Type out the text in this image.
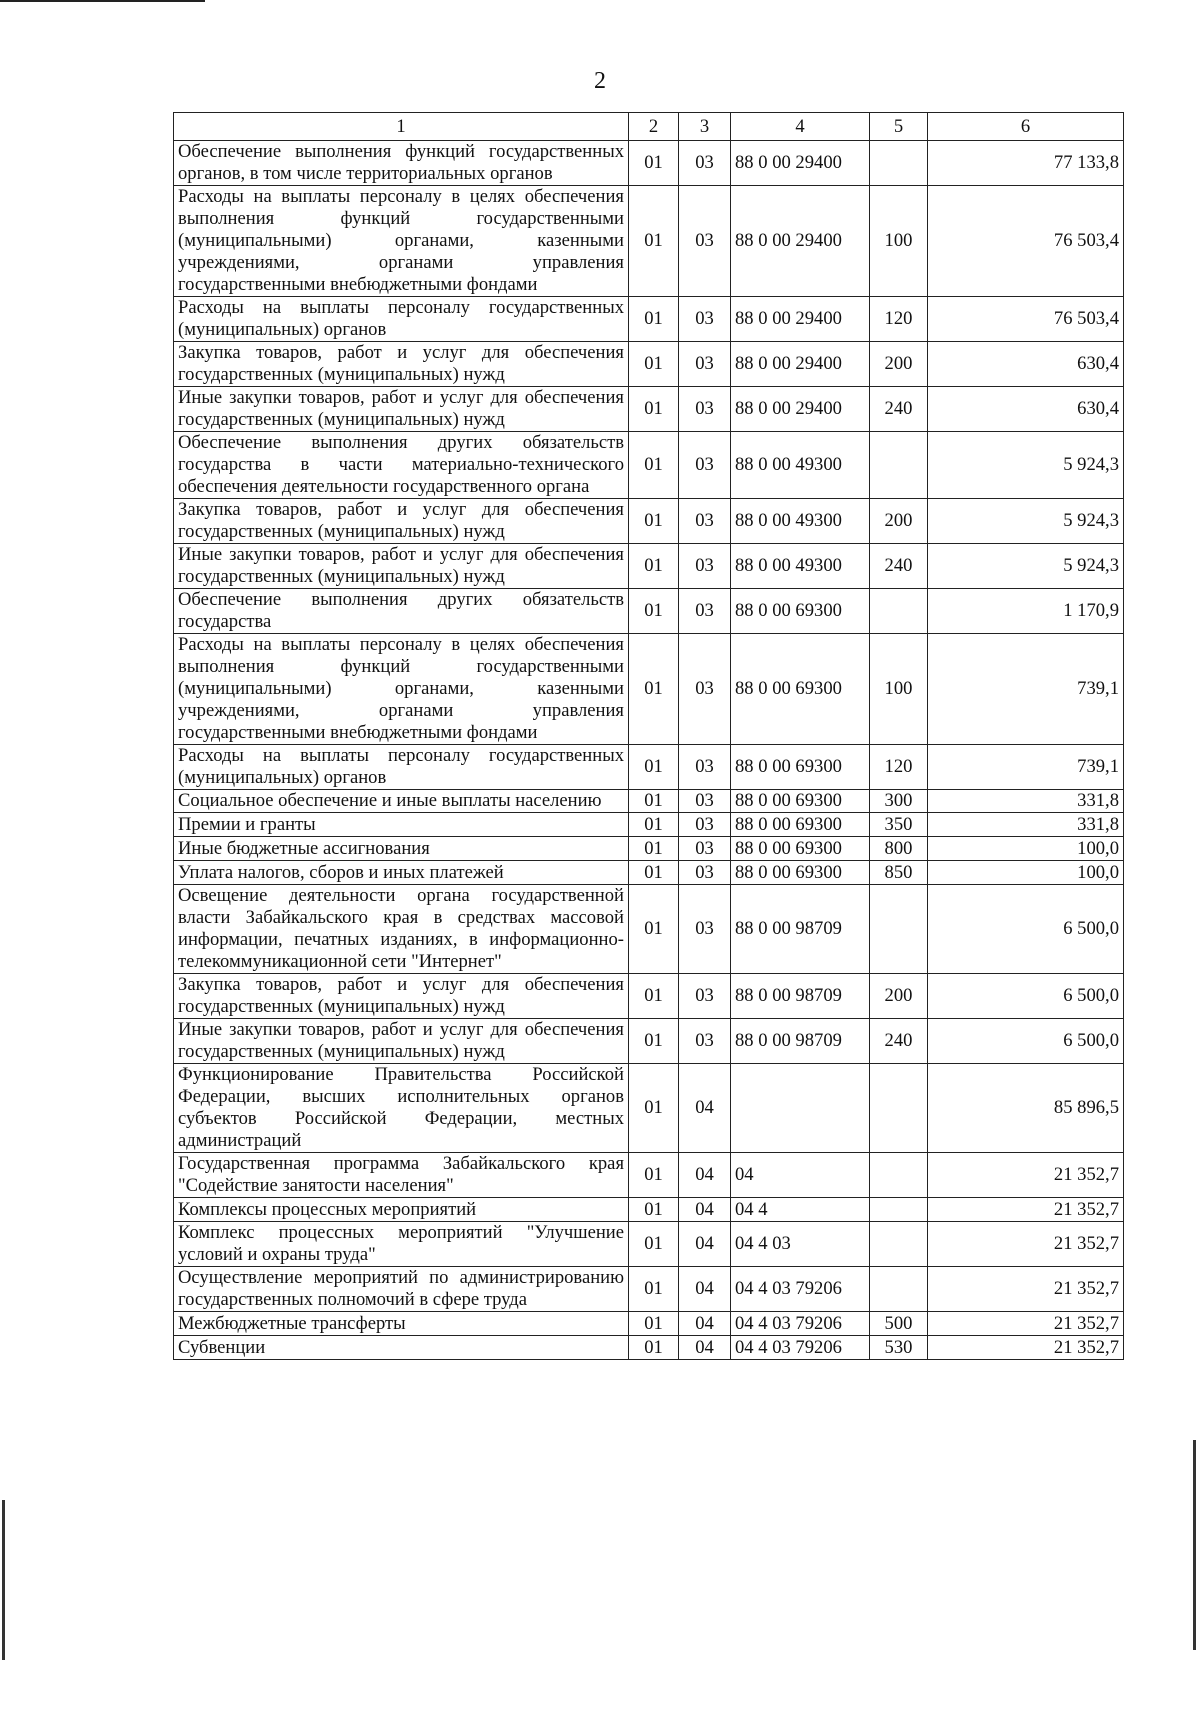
2
1	2	3	4	5	6
Обеспечение выполнения функций государственных органов, в том числе территориальных органов	01	03	88 0 00 29400		77 133,8
Расходы на выплаты персоналу в целях обеспечения выполнения функций государственными (муниципальными) органами, казенными учреждениями, органами управления государственными внебюджетными фондами	01	03	88 0 00 29400	100	76 503,4
Расходы на выплаты персоналу государственных (муниципальных) органов	01	03	88 0 00 29400	120	76 503,4
Закупка товаров, работ и услуг для обеспечения государственных (муниципальных) нужд	01	03	88 0 00 29400	200	630,4
Иные закупки товаров, работ и услуг для обеспечения государственных (муниципальных) нужд	01	03	88 0 00 29400	240	630,4
Обеспечение выполнения других обязательств государства в части материально-технического обеспечения деятельности государственного органа	01	03	88 0 00 49300		5 924,3
Закупка товаров, работ и услуг для обеспечения государственных (муниципальных) нужд	01	03	88 0 00 49300	200	5 924,3
Иные закупки товаров, работ и услуг для обеспечения государственных (муниципальных) нужд	01	03	88 0 00 49300	240	5 924,3
Обеспечение выполнения других обязательств государства	01	03	88 0 00 69300		1 170,9
Расходы на выплаты персоналу в целях обеспечения выполнения функций государственными (муниципальными) органами, казенными учреждениями, органами управления государственными внебюджетными фондами	01	03	88 0 00 69300	100	739,1
Расходы на выплаты персоналу государственных (муниципальных) органов	01	03	88 0 00 69300	120	739,1
Социальное обеспечение и иные выплаты населению	01	03	88 0 00 69300	300	331,8
Премии и гранты	01	03	88 0 00 69300	350	331,8
Иные бюджетные ассигнования	01	03	88 0 00 69300	800	100,0
Уплата налогов, сборов и иных платежей	01	03	88 0 00 69300	850	100,0
Освещение деятельности органа государственной власти Забайкальского края в средствах массовой информации, печатных изданиях, в информационно-телекоммуникационной сети "Интернет"	01	03	88 0 00 98709		6 500,0
Закупка товаров, работ и услуг для обеспечения государственных (муниципальных) нужд	01	03	88 0 00 98709	200	6 500,0
Иные закупки товаров, работ и услуг для обеспечения государственных (муниципальных) нужд	01	03	88 0 00 98709	240	6 500,0
Функционирование Правительства Российской Федерации, высших исполнительных органов субъектов Российской Федерации, местных администраций	01	04			85 896,5
Государственная программа Забайкальского края "Содействие занятости населения"	01	04	04		21 352,7
Комплексы процессных мероприятий	01	04	04 4		21 352,7
Комплекс процессных мероприятий "Улучшение условий и охраны труда"	01	04	04 4 03		21 352,7
Осуществление мероприятий по администрированию государственных полномочий в сфере труда	01	04	04 4 03 79206		21 352,7
Межбюджетные трансферты	01	04	04 4 03 79206	500	21 352,7
Субвенции	01	04	04 4 03 79206	530	21 352,7
